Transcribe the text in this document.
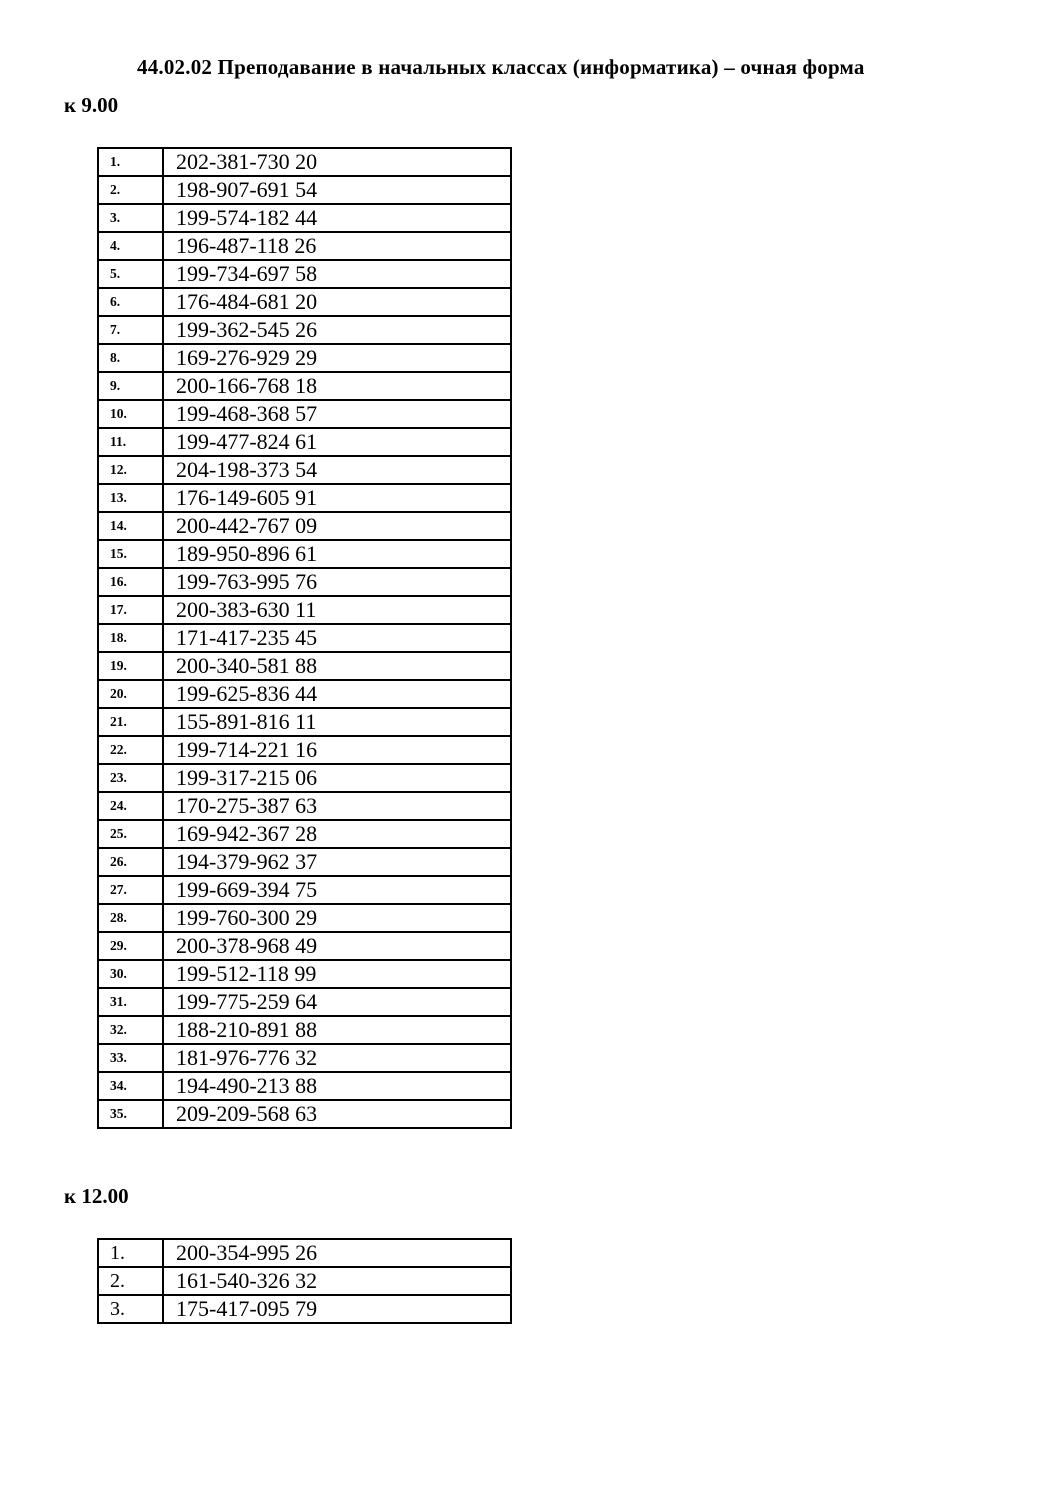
44.02.02 Преподавание в начальных классах (информатика) – очная форма
к 9.00
1.	202-381-730 20
2.	198-907-691 54
3.	199-574-182 44
4.	196-487-118 26
5.	199-734-697 58
6.	176-484-681 20
7.	199-362-545 26
8.	169-276-929 29
9.	200-166-768 18
10.	199-468-368 57
11.	199-477-824 61
12.	204-198-373 54
13.	176-149-605 91
14.	200-442-767 09
15.	189-950-896 61
16.	199-763-995 76
17.	200-383-630 11
18.	171-417-235 45
19.	200-340-581 88
20.	199-625-836 44
21.	155-891-816 11
22.	199-714-221 16
23.	199-317-215 06
24.	170-275-387 63
25.	169-942-367 28
26.	194-379-962 37
27.	199-669-394 75
28.	199-760-300 29
29.	200-378-968 49
30.	199-512-118 99
31.	199-775-259 64
32.	188-210-891 88
33.	181-976-776 32
34.	194-490-213 88
35.	209-209-568 63
к 12.00
1.	200-354-995 26
2.	161-540-326 32
3.	175-417-095 79
